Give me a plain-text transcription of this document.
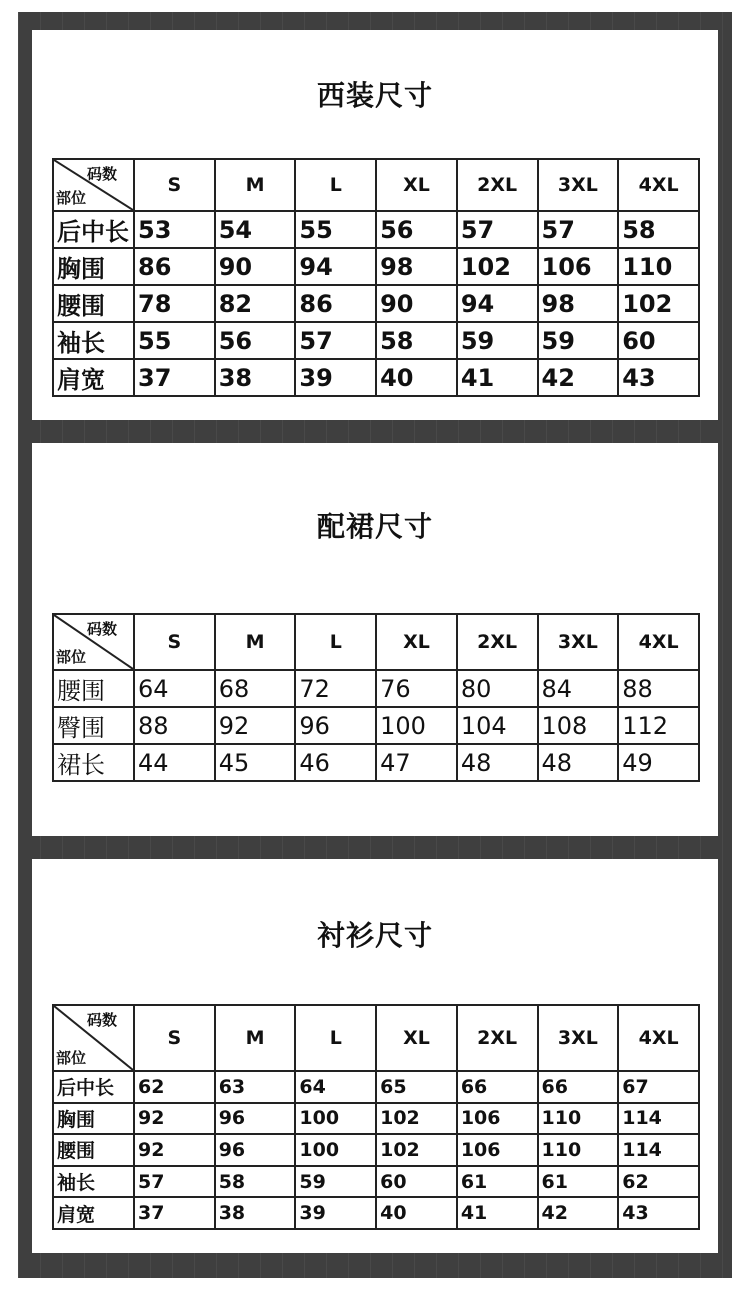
西装尺寸
码数
部位	S	M	L	XL	2XL	3XL	4XL
后中长	53	54	55	56	57	57	58
胸围	86	90	94	98	102	106	110
腰围	78	82	86	90	94	98	102
袖长	55	56	57	58	59	59	60
肩宽	37	38	39	40	41	42	43
配裙尺寸
码数
部位	S	M	L	XL	2XL	3XL	4XL
腰围	64	68	72	76	80	84	88
臀围	88	92	96	100	104	108	112
裙长	44	45	46	47	48	48	49
衬衫尺寸
码数
部位	S	M	L	XL	2XL	3XL	4XL
后中长	62	63	64	65	66	66	67
胸围	92	96	100	102	106	110	114
腰围	92	96	100	102	106	110	114
袖长	57	58	59	60	61	61	62
肩宽	37	38	39	40	41	42	43
